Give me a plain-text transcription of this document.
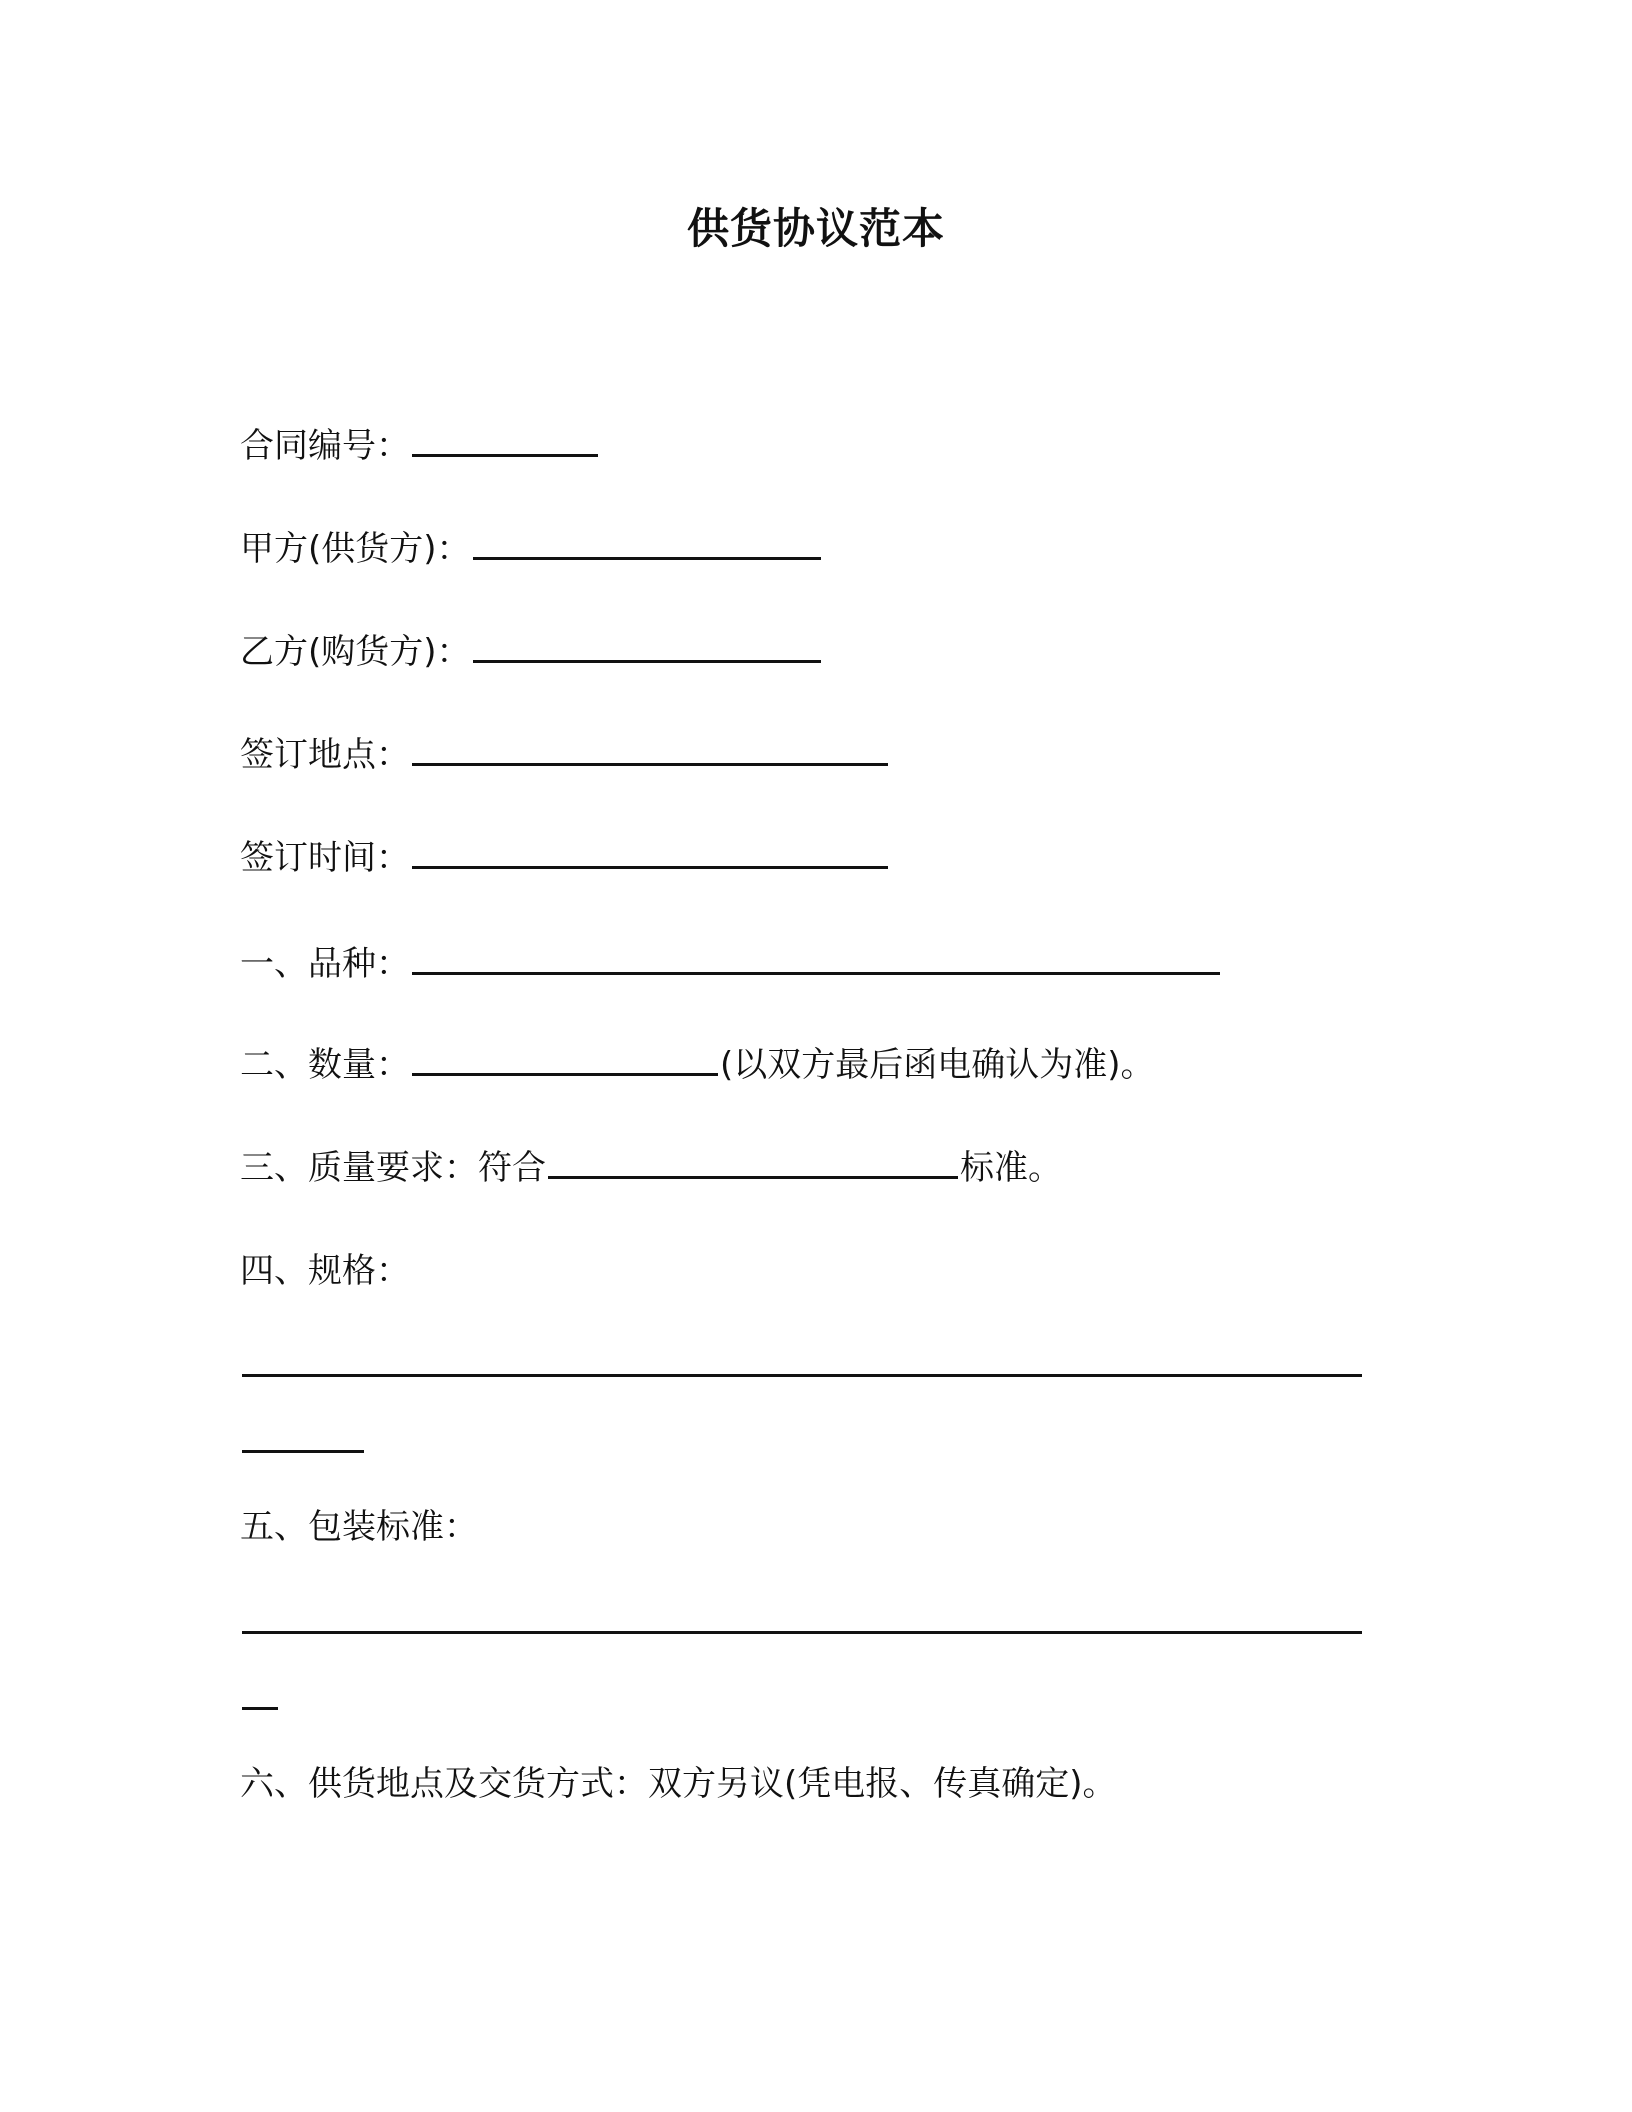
供货协议范本
合同编号：
甲方(供货方)：
乙方(购货方)：
签订地点：
签订时间：
一、品种：
二、数量：	(以双方最后函电确认为准)。
三、质量要求：符合	标准。
四、规格：
五、包装标准：
六、供货地点及交货方式：双方另议(凭电报、传真确定)。
